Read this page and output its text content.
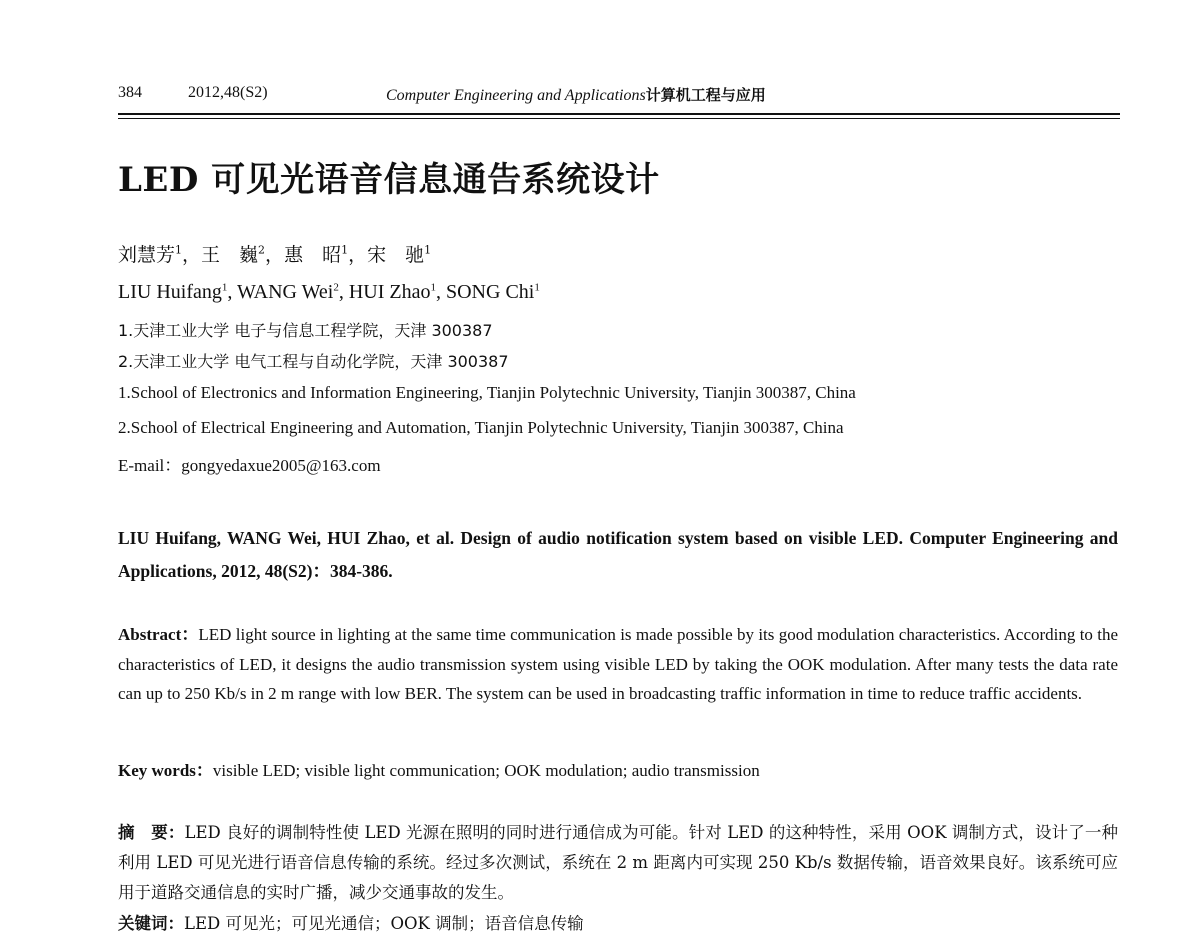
384	2012,48(S2)	Computer Engineering and Applications计算机工程与应用
LED 可见光语音信息通告系统设计
刘慧芳$^1$，王　巍$^2$，惠　昭$^1$，宋　驰$^1$
LIU Huifang$^1$, WANG Wei$^2$, HUI Zhao$^1$, SONG Chi$^1$
1.天津工业大学 电子与信息工程学院，天津 300387
2.天津工业大学 电气工程与自动化学院，天津 300387
1.School of Electronics and Information Engineering, Tianjin Polytechnic University, Tianjin 300387, China
2.School of Electrical Engineering and Automation, Tianjin Polytechnic University, Tianjin 300387, China
E-mail：gongyedaxue2005@163.com
LIU Huifang, WANG Wei, HUI Zhao, et al. Design of audio notification system based on visible LED. Computer Engineering and Applications, 2012, 48(S2)：384-386.
Abstract：LED light source in lighting at the same time communication is made possible by its good modulation characteristics. According to the characteristics of LED, it designs the audio transmission system using visible LED by taking the OOK modulation. After many tests the data rate can up to 250 Kb/s in 2 m range with low BER. The system can be used in broadcasting traffic information in time to reduce traffic accidents.
Key words：visible LED; visible light communication; OOK modulation; audio transmission
摘　要：LED 良好的调制特性使 LED 光源在照明的同时进行通信成为可能。针对 LED 的这种特性，采用 OOK 调制方式，设计了一种利用 LED 可见光进行语音信息传输的系统。经过多次测试，系统在 2 m 距离内可实现 250 Kb/s 数据传输，语音效果良好。该系统可应用于道路交通信息的实时广播，减少交通事故的发生。
关键词：LED 可见光；可见光通信；OOK 调制；语音信息传输
